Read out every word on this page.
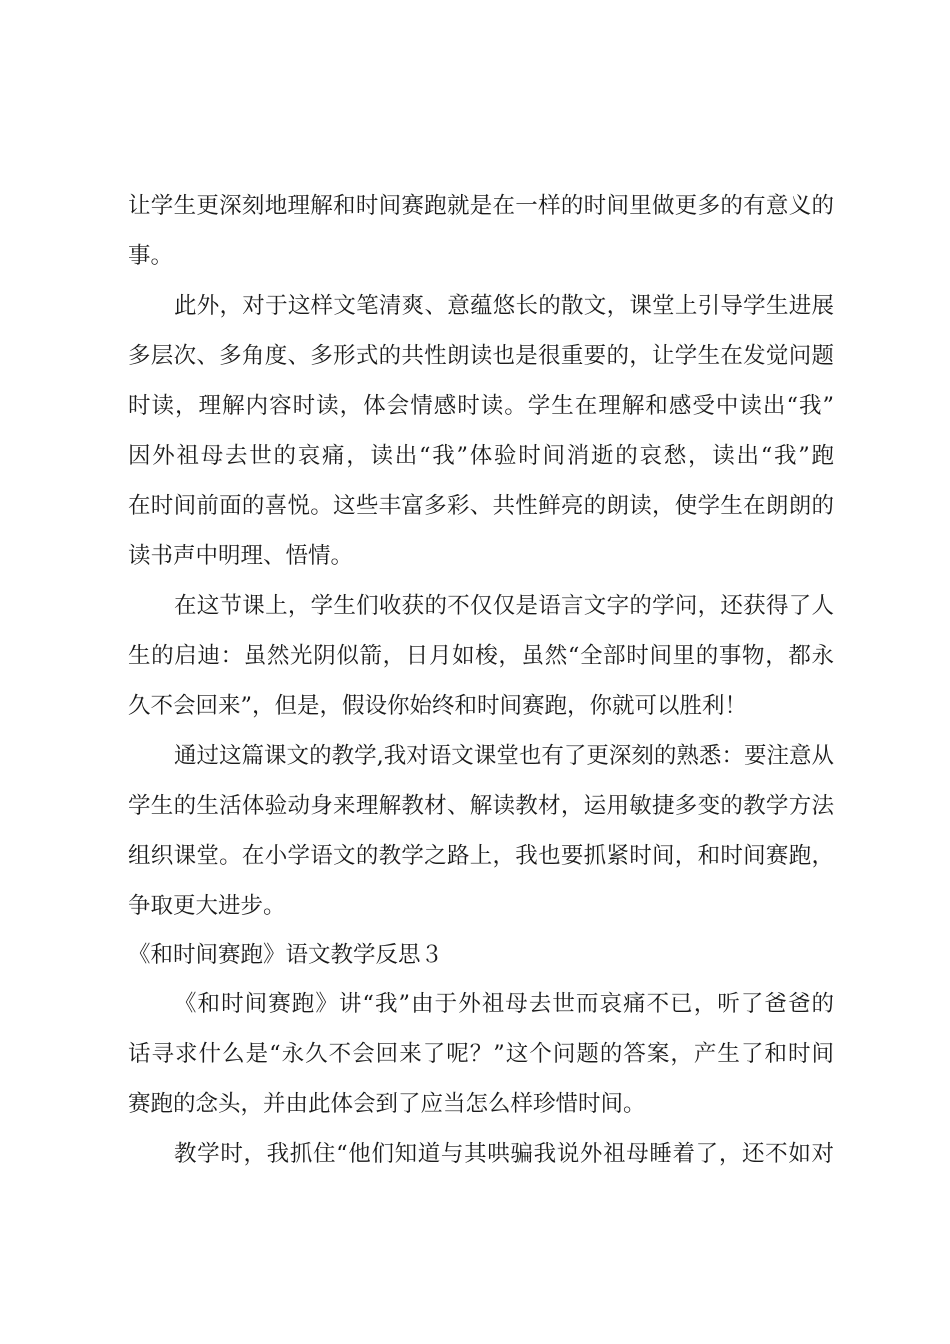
让学生更深刻地理解和时间赛跑就是在一样的时间里做更多的有意义的
事。
此外，对于这样文笔清爽、意蕴悠长的散文，课堂上引导学生进展
多层次、多角度、多形式的共性朗读也是很重要的，让学生在发觉问题
时读，理解内容时读，体会情感时读。学生在理解和感受中读出“我”
因外祖母去世的哀痛，读出“我”体验时间消逝的哀愁，读出“我”跑
在时间前面的喜悦。这些丰富多彩、共性鲜亮的朗读，使学生在朗朗的
读书声中明理、悟情。
在这节课上，学生们收获的不仅仅是语言文字的学问，还获得了人
生的启迪：虽然光阴似箭，日月如梭，虽然“全部时间里的事物，都永
久不会回来”，但是，假设你始终和时间赛跑，你就可以胜利！
通过这篇课文的教学,我对语文课堂也有了更深刻的熟悉：要注意从
学生的生活体验动身来理解教材、解读教材，运用敏捷多变的教学方法
组织课堂。在小学语文的教学之路上，我也要抓紧时间，和时间赛跑，
争取更大进步。
《和时间赛跑》语文教学反思３
《和时间赛跑》讲“我”由于外祖母去世而哀痛不已，听了爸爸的
话寻求什么是“永久不会回来了呢？”这个问题的答案，产生了和时间
赛跑的念头，并由此体会到了应当怎么样珍惜时间。
教学时，我抓住“他们知道与其哄骗我说外祖母睡着了，还不如对
